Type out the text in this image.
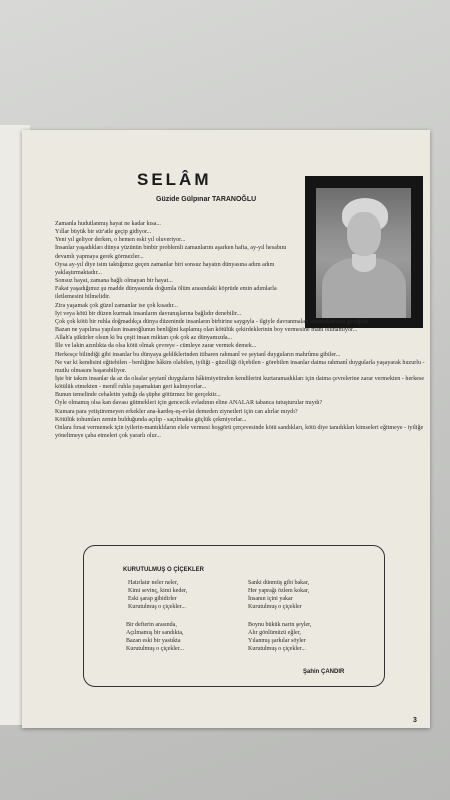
SELÂM
Güzide Gülpınar TARANOĞLU

Zamanla hudutlanmış hayat ne kadar kısa...

Yıllar büyük bir sür'atle geçip gidiyor...

Yeni yıl geliyor derken, o hemen eski yıl oluveriyor...

İnsanlar yaşadıkları dünya yüzünün binbir problemli zamanlarını aşarken hafta, ay-yıl hesabını devamlı yapmaya gerek görmezler...

Oysa ay-yıl diye isim taktığımız geçen zamanlar biri sonsuz hayatın dünyasına adım adım yaklaştırmaktadır...

Sonsuz hayat, zamana bağlı olmayan bir hayat...

Fakat yaşadığımız şu madde dünyasında doğumla ölüm arasındaki köprüde emin adımlarla iletlemesini bilmelidir.

Zira yaşamak çok güzel zamanlar ise çok kısadır...

İyi veya kötü bir düzen kurmak insanların davranışlarına bağlıdır denebilir...

Çok çok kötü bir ruhla doğmadıkça dünya düzeninde insanların birbirine saygıyla - ilgiyle davranmaları insanlıklarının gereğidir.

Bazan ne yapılırsa yapılsın insanoğlunun benliğini kaplamış olan kötülük çekirdeklerinin boy vermesine mani olunamıyor...

Allah'a şükürler olsun ki bu çeşit insan miktarı çok çok az dünyamızda...

İlle ve lakin azınlıkta da olsa kötü olmak çevreye - cümleye zarar vermek demek...

Herkesçe bilindiği gibi insanlar bu dünyaya geldiklerinden itibaren rahmanî ve şeytanî duyguların mahrûmu gibiler...

Ne var ki kendisini eğitebilen - benliğine hâkim olabilen, iyiliği - güzelliği ölçebilen - görebilen insanlar daima rahmanî duygularla yaşayarak huzurlu - mutlu olmasını başarabiliyor.

İşte bir takım insanlar da az da olsalar şeytanî duyguların hâkimiyetinden kendilerini kurtaramadıkları için daima çevrelerine zarar vermekten - herkese kötülük etmekten - menfî ruhla yaşamaktan geri kalmıyorlar...

Bunun temelinde cehaletin yattığı da şüphe götürmez bir gerçektir...

Öyle olmamış olsa kan davası gütmekleri için gencecik evladının eline ANALAR tabanca tutuşturular mıydı?

Kumara para yetiştiremeyen erkekler ana-kardeş-eş-evlat demeden ziynetleri için can alırlar mıydı?

Kötülük tohumları zemin bulduğunda açılıp - saçılmakta güçlük çekmiyorlar...

Onlara fırsat vermemek için iyilerin-mantıklıların elele vermesi hoşgörü çerçevesinde kötü sandıkları, kötü diye tanıdıkları kimseleri eğitmeye - iyiliğe yöneltmeye çaba etmeleri çok yararlı olur...

KURUTULMUŞ O ÇİÇEKLER
Hatırlatır neler neler,
Kimi sevinç, kimi keder,
Eski şarap gibidirler
Kurutulmuş o çiçekler...
Bir defterin arasında,
Açılmamış bir sandıkta,
Bazan eski bir yastıkta
Kurutulmuş o çiçekler...
Sanki dünmüş gibi bakar,
Her yaprağı özlem kokar,
İnsanın içini yakar
Kurutulmuş o çiçekler
Boynu bükük narin şeyler,
Alır gönlümüzü eğler,
Yılanmış şarkılar söyler
Kurutulmuş o çiçekler...
Şahin ÇANDIR
3
